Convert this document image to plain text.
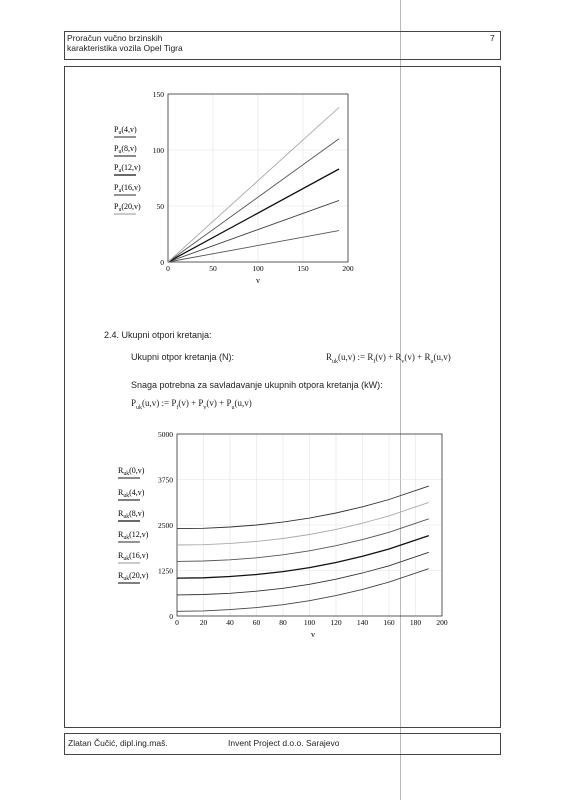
Proračun vučno brzinskih
karakteristika vozila Opel Tigra
7
0	50	100	150	200
0
50
100
150
$P_u(4,v)$
$P_u(8,v)$
$P_u(12,v)$
$P_u(16,v)$
$P_u(20,v)$
v
2.4. Ukupni otpori kretanja:
Ukupni otpor kretanja (N):	$R_{uk}(u,v)$ := $R_f(v) + R_v(v) + R_u(u,v)$
Snaga potrebna za savladavanje ukupnih otpora kretanja (kW):
$P_{uk}(u,v)$ := $P_f(v) + P_v(v) + P_u(u,v)$
0	20	40	60	80 100 120 140 160 180 200
0
1250
2500
3750
5000
$R_{uk}(0,v)$
$R_{uk}(4,v)$
$R_{uk}(8,v)$
$R_{uk}(12,v)$
$R_{uk}(16,v)$
$R_{uk}(20,v)$
v
Zlatan Čučić, dipl.ing.maš.	Invent Project d.o.o. Sarajevo
